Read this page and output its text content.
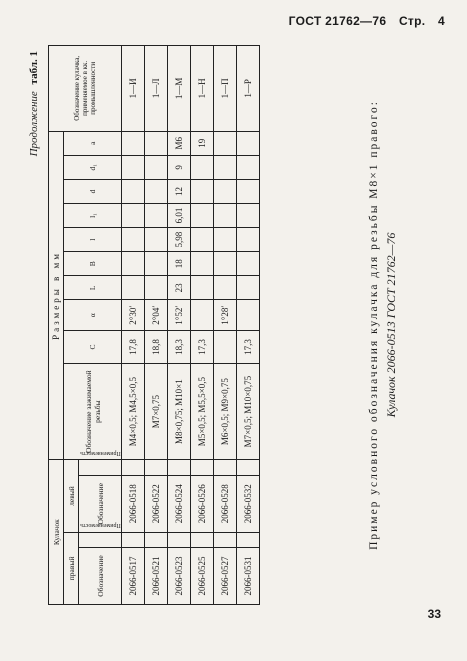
ГОСТ 21762—76 Стр. 4
Продолжение табл. 1
Кулачок				Размеры в мм										Обозначение кулачка, применяемое в кк. промышленности
правый		левый		Обозначение зажимаемой резьбы	C	α	L	B	l	l₁	d	d₁	a	
Обозначение	Применяемость	Обозначение	Применяемость											
2066-0517		2066-0518		M4×0,5; M4,5×0,5	17,8	2°30′								1—И
2066-0521		2066-0522		M7×0,75	18,8	2°04′								1—Л
2066-0523		2066-0524		M8×0,75; M10×1	18,3	1°52′	23	18	5,98	6,01	12	9	M6	1—M
2066-0525		2066-0526		M5×0,5; M5,5×0,5	17,3								19	1—H
2066-0527		2066-0528		M6×0,5; M9×0,75		1°28′								1—П
2066-0531		2066-0532		M7×0,5; M10×0,75	17,3									1—P
Пример условного обозначения кулачка для резьбы M8×1 правого: Кулачок 2066-0513 ГОСТ 21762—76
33
